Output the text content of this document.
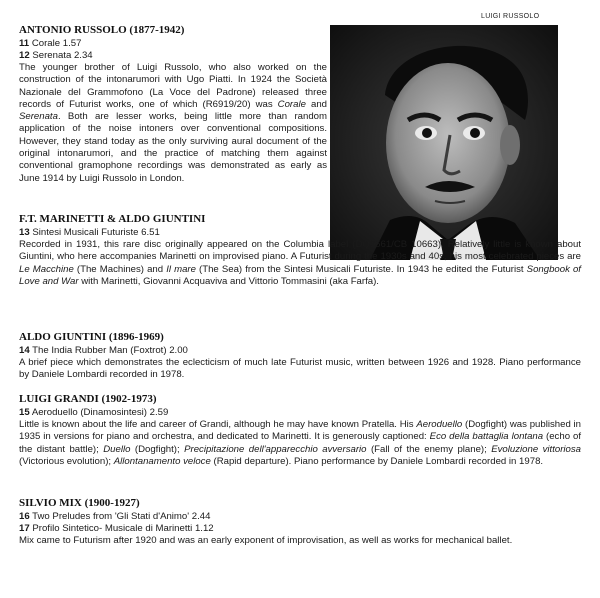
LUIGI RUSSOLO
ANTONIO RUSSOLO (1877-1942)
11 Corale 1.57
12 Serenata 2.34

The younger brother of Luigi Russolo, who also worked on the construction of the intonarumori with Ugo Piatti. In 1924 the Società Nazionale del Grammofono (La Voce del Padrone) released three records of Futurist works, one of which (R6919/20) was Corale and Serenata. Both are lesser works, being little more than random application of the noise intoners over conventional compositions. However, they stand today as the only surviving aural document of the original intonarumori, and the practice of matching them against conventional gramophone recordings was demonstrated as early as June 1914 by Luigi Russolo in London.

F.T. MARINETTI & ALDO GIUNTINI
13 Sintesi Musicali Futuriste 6.51

Recorded in 1931, this rare disc originally appeared on the Columbia label (DQ3661/CB 10663). Relatively little is known about Giuntini, who here accompanies Marinetti on improvised piano. A Futurist during the 1930s and 40s, his most celebrated pieces are Le Macchine (The Machines) and Il mare (The Sea) from the Sintesi Musicali Futuriste. In 1943 he edited the Futurist Songbook of Love and War with Marinetti, Giovanni Acquaviva and Vittorio Tommasini (aka Farfa).

ALDO GIUNTINI (1896-1969)
14 The India Rubber Man (Foxtrot) 2.00

A brief piece which demonstrates the eclecticism of much late Futurist music, written between 1926 and 1928. Piano performance by Daniele Lombardi recorded in 1978.

LUIGI GRANDI (1902-1973)
15 Aeroduello (Dinamosintesi) 2.59

Little is known about the life and career of Grandi, although he may have known Pratella. His Aeroduello (Dogfight) was published in 1935 in versions for piano and orchestra, and dedicated to Marinetti. It is generously captioned: Eco della battaglia lontana (echo of the distant battle); Duello (Dogfight); Precipitazione dell'apparecchio avversario (Fall of the enemy plane); Evoluzione vittoriosa (Victorious evolution); Allontanamento veloce (Rapid departure). Piano performance by Daniele Lombardi recorded in 1978.

SILVIO MIX (1900-1927)
16 Two Preludes from 'Gli Stati d'Animo' 2.44
17 Profilo Sintetico- Musicale di Marinetti 1.12

Mix came to Futurism after 1920 and was an early exponent of improvisation, as well as works for mechanical ballet.
